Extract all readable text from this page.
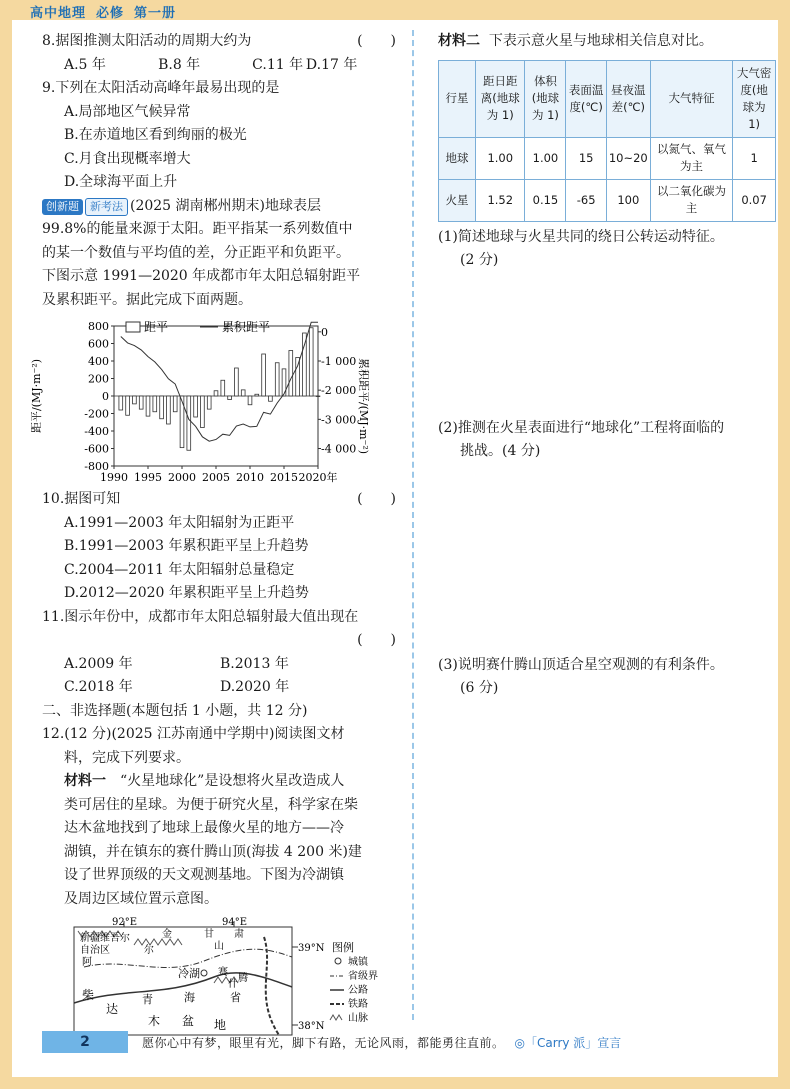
高中地理 必修 第一册
8.据图推测太阳活动的周期大约为	(　　)
A.5 年	B.8 年	C.11 年 D.17 年
9.下列在太阳活动高峰年最易出现的是
A.局部地区气候异常
B.在赤道地区看到绚丽的极光
C.月食出现概率增大
D.全球海平面上升
创新题 新考法 (2025 湖南郴州期末)地球表层
99.8%的能量来源于太阳。距平指某一系列数值中
的某一个数值与平均值的差，分正距平和负距平。
下图示意 1991—2020 年成都市年太阳总辐射距平
及累积距平。据此完成下面两题。
800
600
400
200
0
-200
-400
-600
-800
0
-1 000
-2 000
-3 000
-4 000
1990 1995 2000 2005 2010 2015 2020年
距平	累积距平
距平/(MJ·m⁻²)	累积距平/(MJ·m⁻²)
10.据图可知	(　　)
A.1991—2003 年太阳辐射为正距平
B.1991—2003 年累积距平呈上升趋势
C.2004—2011 年太阳辐射总量稳定
D.2012—2020 年累积距平呈上升趋势
11.图示年份中，成都市年太阳总辐射最大值出现在
(　　)

A.2009 年	B.2013 年
C.2018 年	D.2020 年
二、非选择题(本题包括 1 小题，共 12 分)
12.(12 分)(2025 江苏南通中学期中)阅读图文材
料，完成下列要求。
材料一　“火星地球化”是设想将火星改造成人
类可居住的星球。为便于研究火星，科学家在柴
达木盆地找到了地球上最像火星的地方——冷
湖镇，并在镇东的赛什腾山顶(海拔 4 200 米)建
设了世界顶级的天文观测基地。下图为冷湖镇
及周边区域位置示意图。
新疆维吾尔
自治区
阿
尔
金	甘 肃
山
冷湖 赛
什
腾
柴
达
木 盆 地
青	海	省
92°E	94°E
39°N
38°N
图例
城镇
省级界
公路
铁路
山脉
材料二 下表示意火星与地球相关信息对比。
行星	距日距离(地球为 1)	体积(地球为 1)	表面温度(℃)	昼夜温差(℃)	大气特征	大气密度(地球为 1)
地球	1.00	1.00	15	10~20	以氮气、氧气为主	1
火星	1.52	0.15	-65	100	以二氧化碳为主	0.07
(1)简述地球与火星共同的绕日公转运动特征。
(2 分)
(2)推测在火星表面进行“地球化”工程将面临的
挑战。(4 分)
(3)说明赛什腾山顶适合星空观测的有利条件。
(6 分)
2	愿你心中有梦，眼里有光，脚下有路，无论风雨，都能勇往直前。 ◎「Carry 派」宣言
